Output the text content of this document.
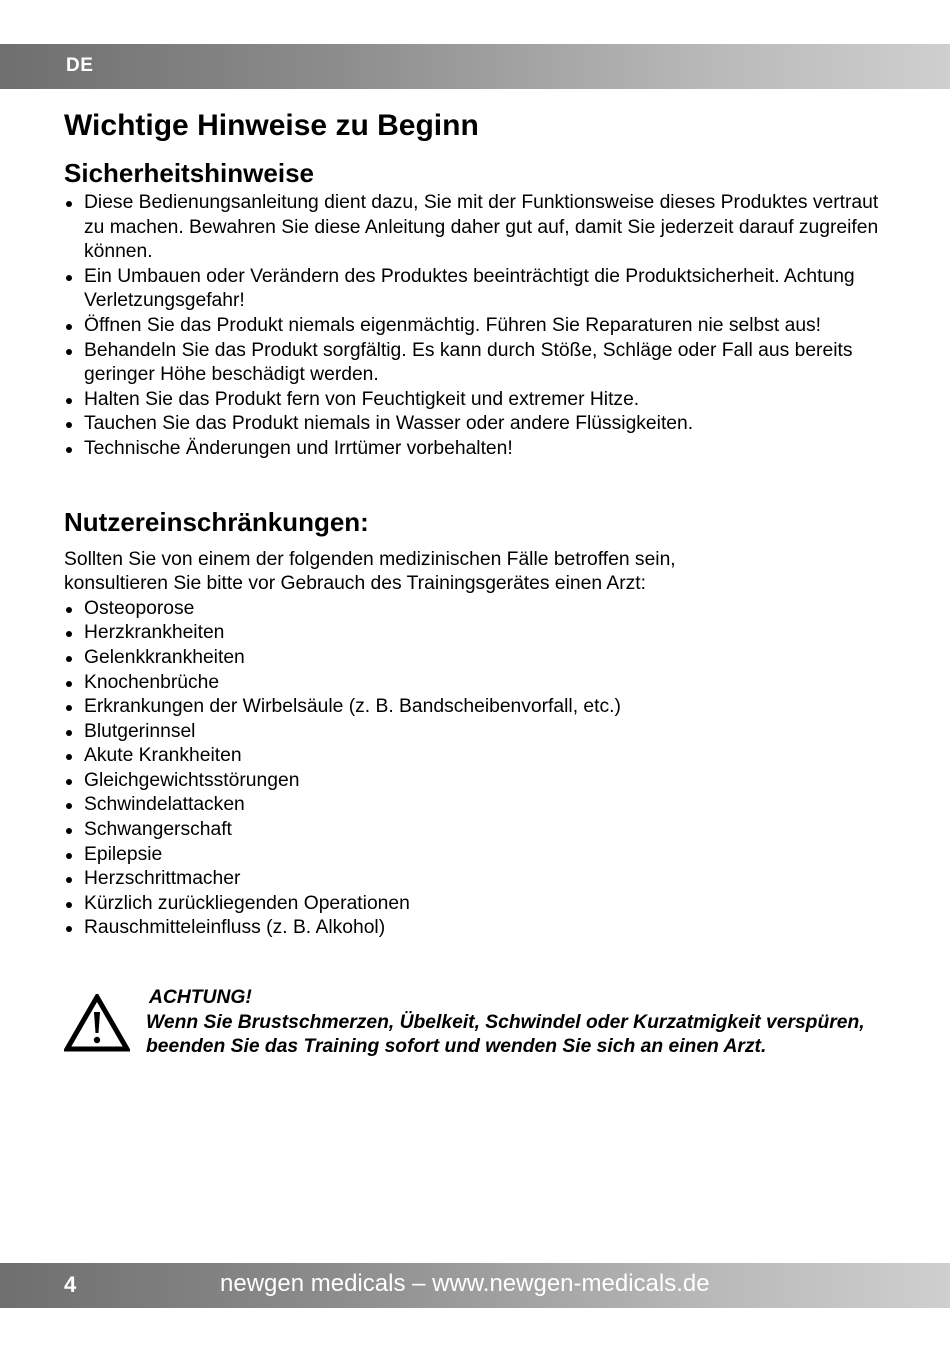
DE
Wichtige Hinweise zu Beginn
Sicherheitshinweise
Diese Bedienungsanleitung dient dazu, Sie mit der Funktionsweise dieses Produktes vertraut zu machen. Bewahren Sie diese Anleitung daher gut auf, damit Sie jederzeit darauf zugreifen können.
Ein Umbauen oder Verändern des Produktes beeinträchtigt die Produktsicherheit. Achtung Verletzungsgefahr!
Öffnen Sie das Produkt niemals eigenmächtig. Führen Sie Reparaturen nie selbst aus!
Behandeln Sie das Produkt sorgfältig. Es kann durch Stöße, Schläge oder Fall aus bereits geringer Höhe beschädigt werden.
Halten Sie das Produkt fern von Feuchtigkeit und extremer Hitze.
Tauchen Sie das Produkt niemals in Wasser oder andere Flüssigkeiten.
Technische Änderungen und Irrtümer vorbehalten!
Nutzereinschränkungen:
Sollten Sie von einem der folgenden medizinischen Fälle betroffen sein,
konsultieren Sie bitte vor Gebrauch des Trainingsgerätes einen Arzt:
Osteoporose
Herzkrankheiten
Gelenkkrankheiten
Knochenbrüche
Erkrankungen der Wirbelsäule (z. B. Bandscheibenvorfall, etc.)
Blutgerinnsel
Akute Krankheiten
Gleichgewichtsstörungen
Schwindelattacken
Schwangerschaft
Epilepsie
Herzschrittmacher
Kürzlich zurückliegenden Operationen
Rauschmitteleinfluss (z. B. Alkohol)
ACHTUNG!
Wenn Sie Brustschmerzen, Übelkeit, Schwindel oder Kurzatmigkeit verspüren, beenden Sie das Training sofort und wenden Sie sich an einen Arzt.
4	newgen medicals – www.newgen-medicals.de
